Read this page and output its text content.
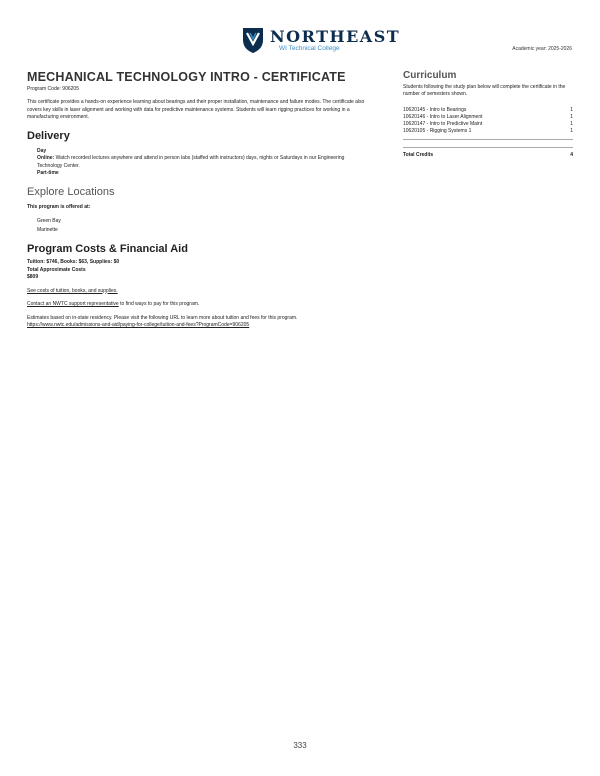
NORTHEAST
WI Technical College	Academic year: 2025-2026
MECHANICAL TECHNOLOGY INTRO - CERTIFICATE
Program Code: 906205
This certificate provides a hands-on experience learning about bearings and their proper installation, maintenance and failure modes. The certificate also covers key skills in laser alignment and working with data for predictive maintenance systems. Students will learn rigging practices for working in a manufacturing environment.
Delivery
Day
Online: Watch recorded lectures anywhere and attend in person labs (staffed with instructors) days, nights or Saturdays in our Engineering Technology Center.
Part-time
Explore Locations
This program is offered at:
Green Bay
Marinette
Program Costs & Financial Aid
Tuition: $746, Books: $63, Supplies: $0
Total Approximate Costs
$809
See costs of tuition, books, and supplies.
Contact an NWTC support representative to find ways to pay for this program.
Estimates based on in-state residency. Please visit the following URL to learn more about tuition and fees for this program.
https://www.nwtc.edu/admissions-and-aid/paying-for-college/tuition-and-fees?ProgramCode=906205
Curriculum
Students following the study plan below will complete the certificate in the number of semesters shown.
10620145 - Intro to Bearings	1
10620146 - Intro to Laser Alignment	1
10620147 - Intro to Predictive Maint	1
10620105 - Rigging Systems 1	1
Total Credits	4
333
